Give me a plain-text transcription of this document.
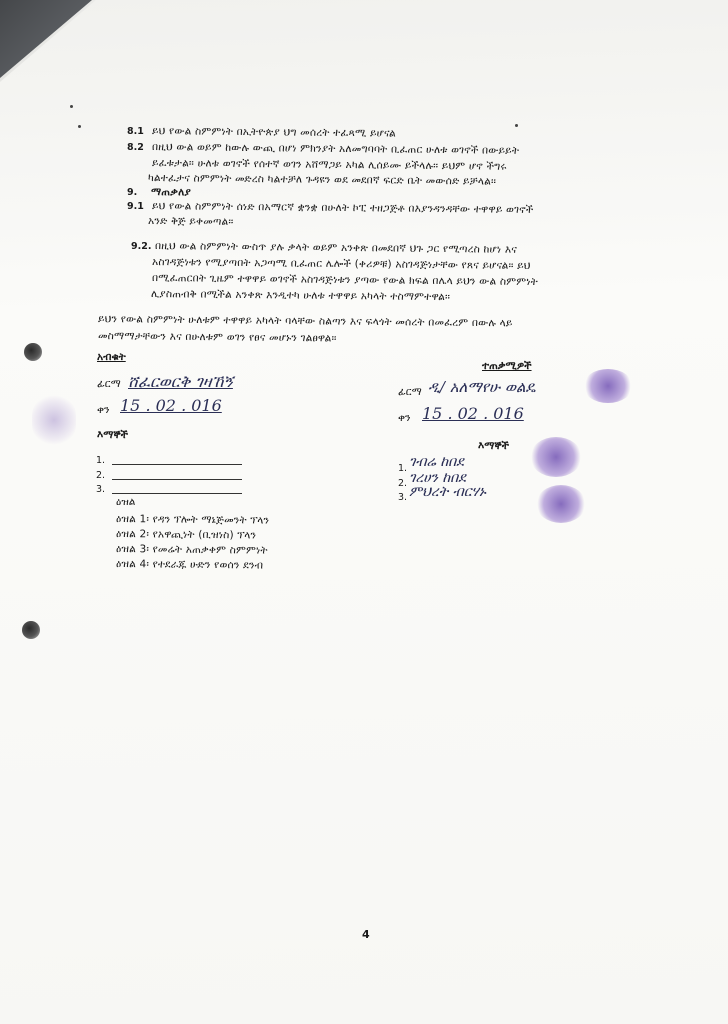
8.1 ይህ የውል ስምምነት በኢትዮጵያ ህግ መሰረት ተፈጻሚ ይሆናል
8.2 በዚህ ውል ወይም ከውሉ ውጪ በሆነ ምክንያት አለመግባባት ቢፈጠር ሁለቱ ወገኖች በውይይት
ይፈቱታል። ሁለቱ ወገኖች የሰተኛ ወገን አሸማጋይ አካል ሊሰይሙ ይችላሉ። ይህም ሆኖ ችግሩ
ካልተፈታና ስምምነት መድረስ ካልተቻለ ጉዳዩን ወደ መደበኛ ፍርድ ቤት መውሰድ ይቻላል።
9. ማጠቃለያ
9.1 ይህ የውል ስምምነት ሰነድ በአማርኛ ቋንቋ በሁለት ኮፒ ተዘጋጅቶ በእያንዳንዳቸው ተዋዋይ ወገኖች
አንድ ቅጅ ይቀመጣል።
9.2. በዚህ ውል ስምምነት ውስጥ ያሉ ቃላት ወይም አንቀጽ በመደበኛ ህጉ ጋር የሚጣረስ ከሆነ እና
አስገዳጅነቱን የሚያጣበት አጋጣሚ ቢፈጠር ሌሎች (ቀሪዎቹ) አስገዳጅነታቸው የጸና ይሆናል። ይህ
በሚፈጠርበት ጊዜም ተዋዋይ ወገኖች አስገዳጅነቱን ያጣው የውል ክፍል በሌላ ይህን ውል ስምምነት
ሊያስጠብቅ በሚችል አንቀጽ እንዲተካ ሁለቱ ተዋዋይ አካላት ተስማምተዋል።
ይህን የውል ስምምነት ሁለቱም ተዋዋይ አካላት ባላቸው ስልጣን እና ፍላጎት መሰረት በመፈረም በውሉ ላይ
መስማማታቸውን እና በሁለቱም ወገን የፀና መሆኑን ገልፀዋል።
አብቁት
ፊርማ ሸፈርወርቅ ገዛኸኝ
ቀን 15 . 02 . 016
እማኞች
1.
2.
3.
ዕዝል
ዕዝል 1፡ የዳን ፕሎት ማኔጅመንት ፕላን
ዕዝል 2፡ የአዋጪነት (ቢዝነስ) ፕላን
ዕዝል 3፡ የመሬት አጠቃቀም ስምምነት
ዕዝል 4፡ የተደራጁ ሁድን የወሰን ደንብ
ተጠቃሚዎች
ፊርማ ዲ/ አለማየሁ ወልዴ
ቀን 15 . 02 . 016
እማኞች
1. ገብሬ ከበደ
2. ገረሀን ከበደ
3. ምህረት ብርሃኑ
4
